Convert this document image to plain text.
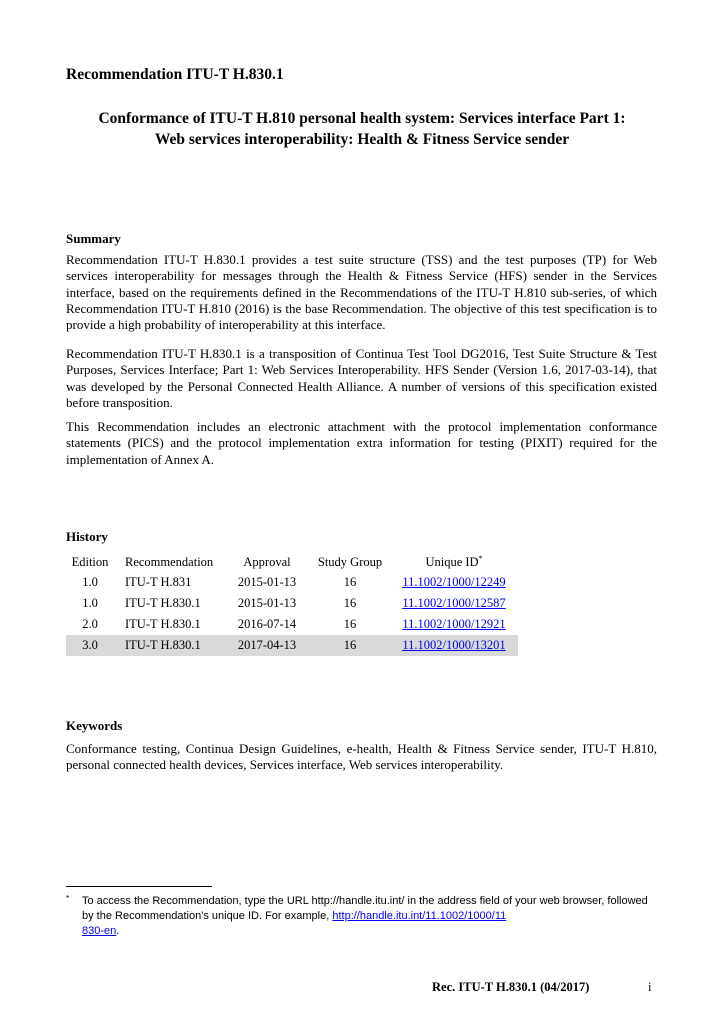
Recommendation ITU-T H.830.1
Conformance of ITU-T H.810 personal health system: Services interface Part 1:
Web services interoperability: Health & Fitness Service sender
Summary

Recommendation ITU-T H.830.1 provides a test suite structure (TSS) and the test purposes (TP) for Web services interoperability for messages through the Health & Fitness Service (HFS) sender in the Services interface, based on the requirements defined in the Recommendations of the ITU-T H.810 sub-series, of which Recommendation ITU-T H.810 (2016) is the base Recommendation. The objective of this test specification is to provide a high probability of interoperability at this interface.

Recommendation ITU-T H.830.1 is a transposition of Continua Test Tool DG2016, Test Suite Structure & Test Purposes, Services Interface; Part 1: Web Services Interoperability. HFS Sender (Version 1.6, 2017-03-14), that was developed by the Personal Connected Health Alliance. A number of versions of this specification existed before transposition.

This Recommendation includes an electronic attachment with the protocol implementation conformance statements (PICS) and the protocol implementation extra information for testing (PIXIT) required for the implementation of Annex A.

History
Edition	Recommendation	Approval	Study Group	Unique ID*
1.0	ITU-T H.831	2015-01-13	16	11.1002/1000/12249
1.0	ITU-T H.830.1	2015-01-13	16	11.1002/1000/12587
2.0	ITU-T H.830.1	2016-07-14	16	11.1002/1000/12921
3.0	ITU-T H.830.1	2017-04-13	16	11.1002/1000/13201
Keywords

Conformance testing, Continua Design Guidelines, e-health, Health & Fitness Service sender, ITU-T H.810, personal connected health devices, Services interface, Web services interoperability.

* To access the Recommendation, type the URL http://handle.itu.int/ in the address field of your web browser, followed by the Recommendation's unique ID. For example, http://handle.itu.int/11.1002/1000/11
830-en.
Rec. ITU-T H.830.1 (04/2017)	i
